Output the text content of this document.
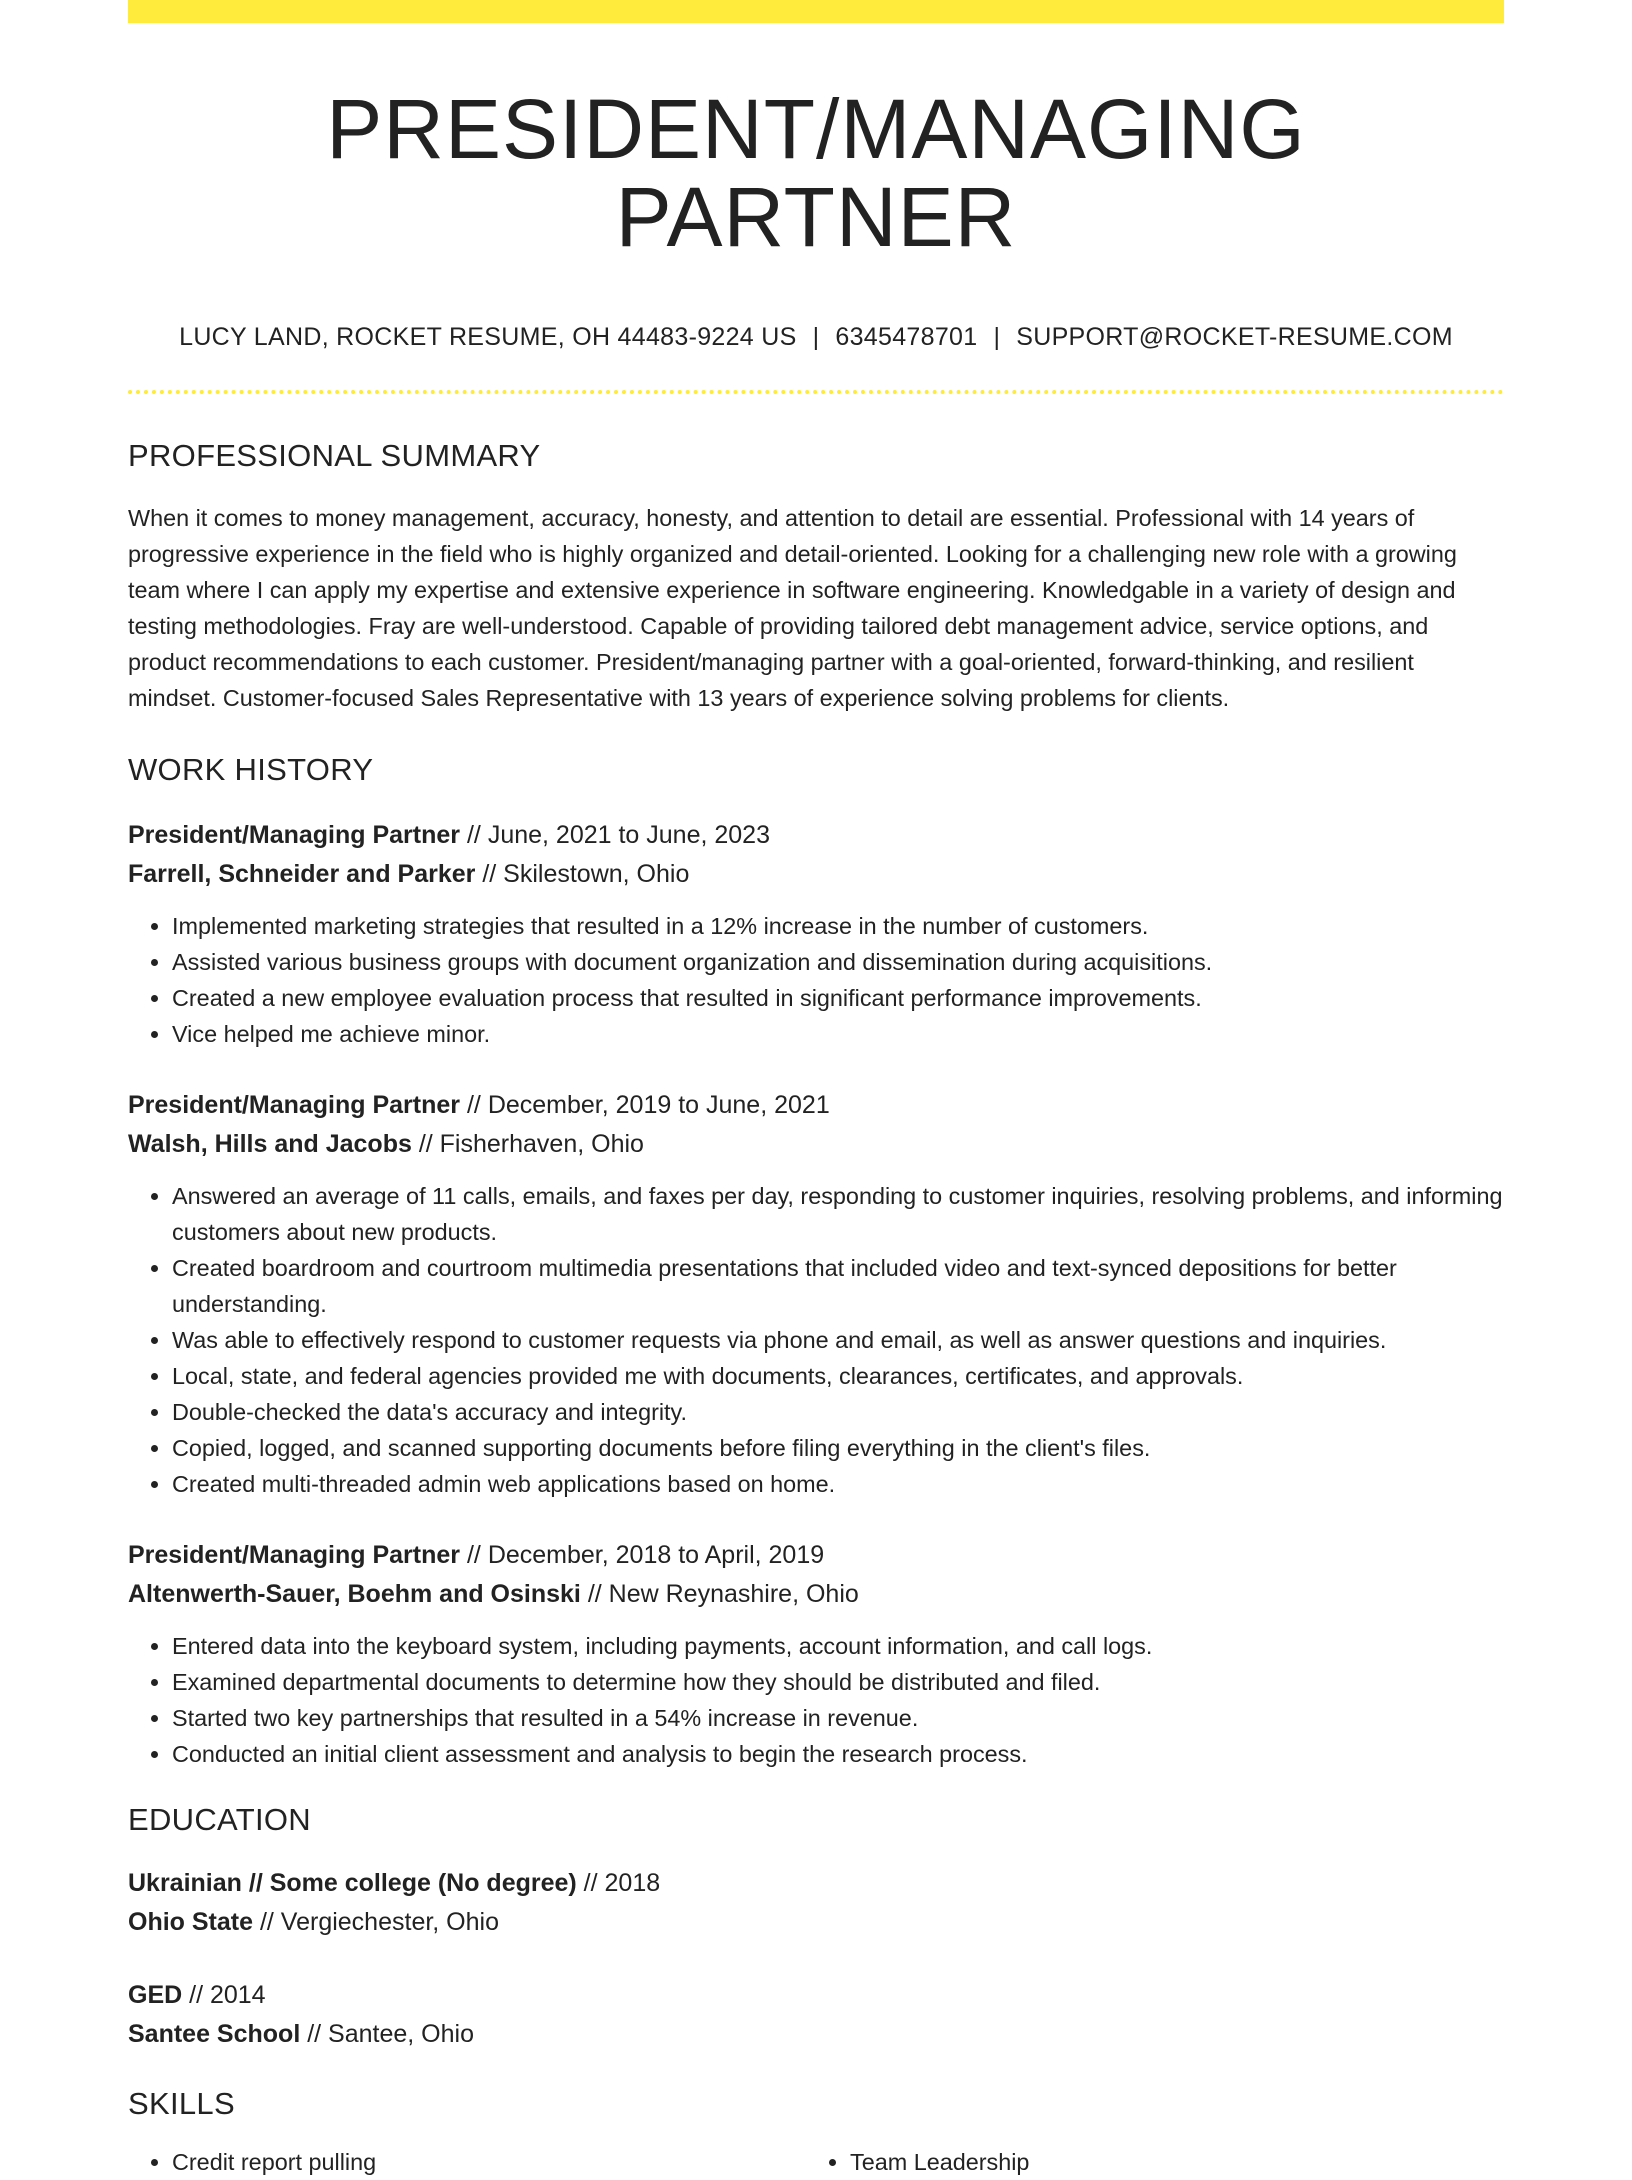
PRESIDENT/MANAGING PARTNER
LUCY LAND, ROCKET RESUME, OH 44483-9224 US | 6345478701 | SUPPORT@ROCKET-RESUME.COM
PROFESSIONAL SUMMARY
When it comes to money management, accuracy, honesty, and attention to detail are essential. Professional with 14 years of progressive experience in the field who is highly organized and detail-oriented. Looking for a challenging new role with a growing team where I can apply my expertise and extensive experience in software engineering. Knowledgable in a variety of design and testing methodologies. Fray are well-understood. Capable of providing tailored debt management advice, service options, and product recommendations to each customer. President/managing partner with a goal-oriented, forward-thinking, and resilient mindset. Customer-focused Sales Representative with 13 years of experience solving problems for clients.
WORK HISTORY
President/Managing Partner // June, 2021 to June, 2023
Farrell, Schneider and Parker // Skilestown, Ohio
• Implemented marketing strategies that resulted in a 12% increase in the number of customers.
• Assisted various business groups with document organization and dissemination during acquisitions.
• Created a new employee evaluation process that resulted in significant performance improvements.
• Vice helped me achieve minor.
President/Managing Partner // December, 2019 to June, 2021
Walsh, Hills and Jacobs // Fisherhaven, Ohio
• Answered an average of 11 calls, emails, and faxes per day, responding to customer inquiries, resolving problems, and informing customers about new products.
• Created boardroom and courtroom multimedia presentations that included video and text-synced depositions for better understanding.
• Was able to effectively respond to customer requests via phone and email, as well as answer questions and inquiries.
• Local, state, and federal agencies provided me with documents, clearances, certificates, and approvals.
• Double-checked the data's accuracy and integrity.
• Copied, logged, and scanned supporting documents before filing everything in the client's files.
• Created multi-threaded admin web applications based on home.
President/Managing Partner // December, 2018 to April, 2019
Altenwerth-Sauer, Boehm and Osinski // New Reynashire, Ohio
• Entered data into the keyboard system, including payments, account information, and call logs.
• Examined departmental documents to determine how they should be distributed and filed.
• Started two key partnerships that resulted in a 54% increase in revenue.
• Conducted an initial client assessment and analysis to begin the research process.
EDUCATION
Ukrainian // Some college (No degree) // 2018
Ohio State // Vergiechester, Ohio
GED // 2014
Santee School // Santee, Ohio
SKILLS
• Credit report pulling
•	Team Leadership
